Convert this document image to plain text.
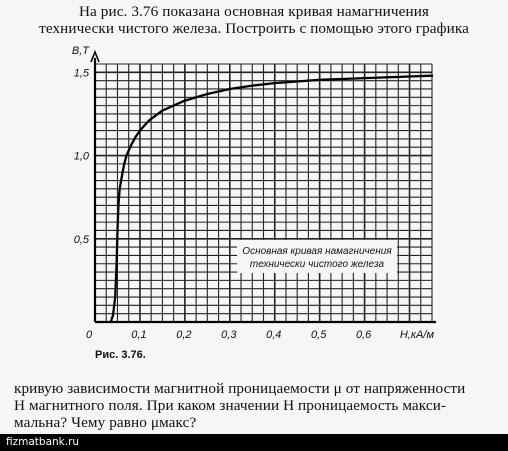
На рис. 3.76 показана основная кривая намагничения
технически чистого железа. Построить с помощью этого графика
0	0,1	0,2	0,3	0,4	0,5	0,6
0,5
1,0
1,5
B,T
H,кА/м
Основная кривая намагничения
технически чистого железа
Рис. 3.76.
кривую зависимости магнитной проницаемости μ от напряженности
H магнитного поля. При каком значении H проницаемость макси-
мальна? Чему равно μмакс?
fizmatbank.ru
